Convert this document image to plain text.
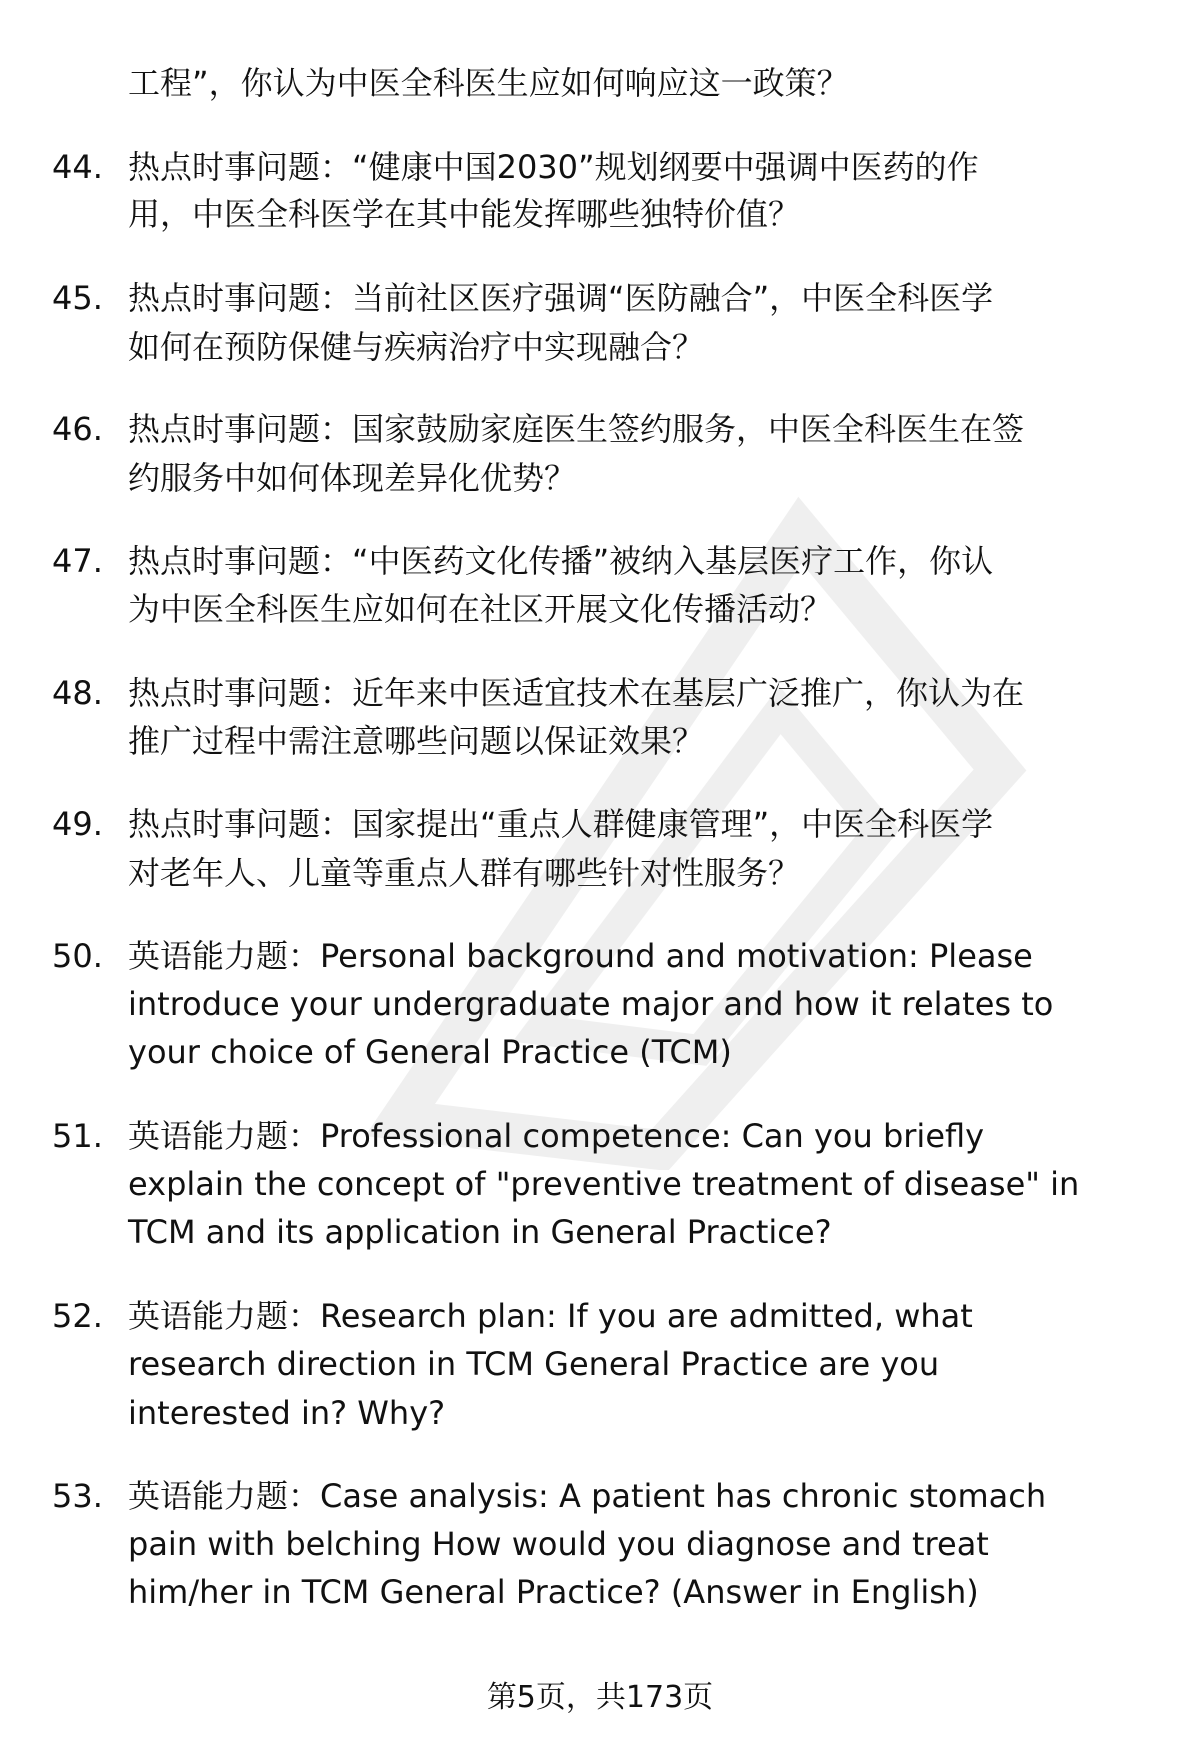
工程”，你认为中医全科医生应如何响应这一政策？
44. 热点时事问题：“健康中国2030”规划纲要中强调中医药的作
用，中医全科医学在其中能发挥哪些独特价值？
45. 热点时事问题：当前社区医疗强调“医防融合”，中医全科医学
如何在预防保健与疾病治疗中实现融合？
46. 热点时事问题：国家鼓励家庭医生签约服务，中医全科医生在签
约服务中如何体现差异化优势？
47. 热点时事问题：“中医药文化传播”被纳入基层医疗工作，你认
为中医全科医生应如何在社区开展文化传播活动？
48. 热点时事问题：近年来中医适宜技术在基层广泛推广，你认为在
推广过程中需注意哪些问题以保证效果？
49. 热点时事问题：国家提出“重点人群健康管理”，中医全科医学
对老年人、儿童等重点人群有哪些针对性服务？
50. 英语能力题：Personal background and motivation: Please
introduce your undergraduate major and how it relates to
your choice of General Practice (TCM)
51. 英语能力题：Professional competence: Can you briefly
explain the concept of "preventive treatment of disease" in
TCM and its application in General Practice?
52. 英语能力题：Research plan: If you are admitted, what
research direction in TCM General Practice are you
interested in? Why?
53. 英语能力题：Case analysis: A patient has chronic stomach
pain with belching How would you diagnose and treat
him/her in TCM General Practice? (Answer in English)
第5页，共173页
